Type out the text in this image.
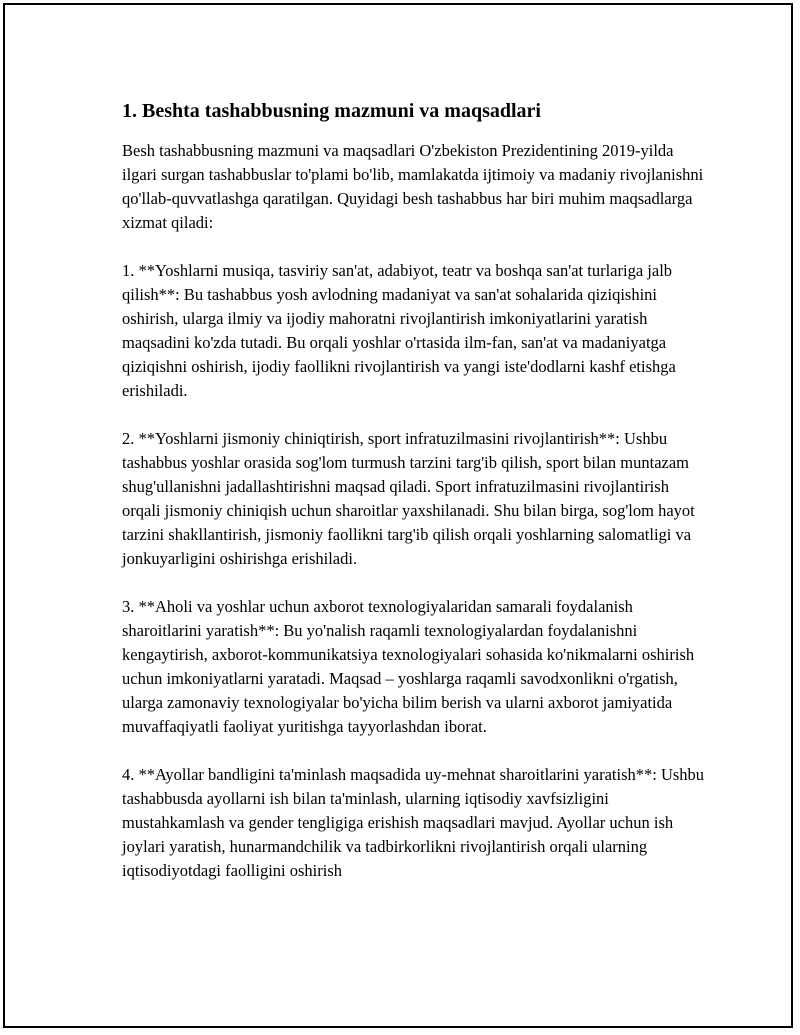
1. Beshta tashabbusning mazmuni va maqsadlari

Besh tashabbusning mazmuni va maqsadlari O'zbekiston Prezidentining 2019-yilda ilgari surgan tashabbuslar to'plami bo'lib, mamlakatda ijtimoiy va madaniy rivojlanishni qo'llab-quvvatlashga qaratilgan. Quyidagi besh tashabbus har biri muhim maqsadlarga xizmat qiladi:

1. **Yoshlarni musiqa, tasviriy san'at, adabiyot, teatr va boshqa san'at turlariga jalb qilish**: Bu tashabbus yosh avlodning madaniyat va san'at sohalarida qiziqishini oshirish, ularga ilmiy va ijodiy mahoratni rivojlantirish imkoniyatlarini yaratish maqsadini ko'zda tutadi. Bu orqali yoshlar o'rtasida ilm-fan, san'at va madaniyatga qiziqishni oshirish, ijodiy faollikni rivojlantirish va yangi iste'dodlarni kashf etishga erishiladi.

2. **Yoshlarni jismoniy chiniqtirish, sport infratuzilmasini rivojlantirish**: Ushbu tashabbus yoshlar orasida sog'lom turmush tarzini targ'ib qilish, sport bilan muntazam shug'ullanishni jadallashtirishni maqsad qiladi. Sport infratuzilmasini rivojlantirish orqali jismoniy chiniqish uchun sharoitlar yaxshilanadi. Shu bilan birga, sog'lom hayot tarzini shakllantirish, jismoniy faollikni targ'ib qilish orqali yoshlarning salomatligi va jonkuyarligini oshirishga erishiladi.

3. **Aholi va yoshlar uchun axborot texnologiyalaridan samarali foydalanish sharoitlarini yaratish**: Bu yo'nalish raqamli texnologiyalardan foydalanishni kengaytirish, axborot-kommunikatsiya texnologiyalari sohasida ko'nikmalarni oshirish uchun imkoniyatlarni yaratadi. Maqsad – yoshlarga raqamli savodxonlikni o'rgatish, ularga zamonaviy texnologiyalar bo'yicha bilim berish va ularni axborot jamiyatida muvaffaqiyatli faoliyat yuritishga tayyorlashdan iborat.

4. **Ayollar bandligini ta'minlash maqsadida uy-mehnat sharoitlarini yaratish**: Ushbu tashabbusda ayollarni ish bilan ta'minlash, ularning iqtisodiy xavfsizligini mustahkamlash va gender tengligiga erishish maqsadlari mavjud. Ayollar uchun ish joylari yaratish, hunarmandchilik va tadbirkorlikni rivojlantirish orqali ularning iqtisodiyotdagi faolligini oshirish
